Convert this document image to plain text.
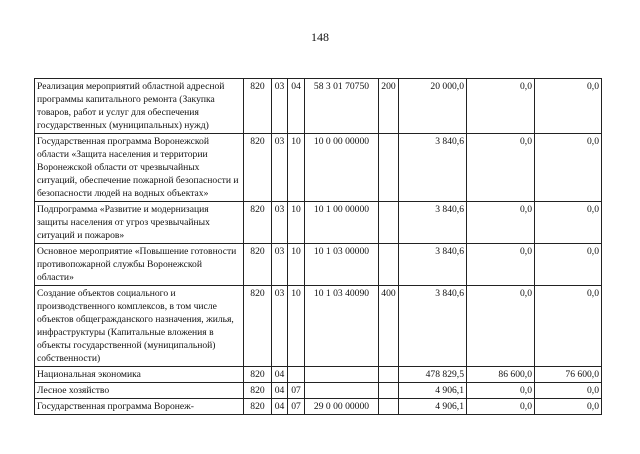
148
Реализация мероприятий областной адресной программы капитального ремонта (Закупка товаров, работ и услуг для обеспечения государственных (муниципальных) нужд)	820	03	04	58 3 01 70750	200	20 000,0	0,0	0,0
Государственная программа Воронежской области «Защита населения и территории Воронежской области от чрезвычайных ситуаций, обеспечение пожарной безопасности и безопасности людей на водных объектах»	820	03	10	10 0 00 00000		3 840,6	0,0	0,0
Подпрограмма «Развитие и модернизация защиты населения от угроз чрезвычайных ситуаций и пожаров»	820	03	10	10 1 00 00000		3 840,6	0,0	0,0
Основное мероприятие «Повышение готовности противопожарной службы Воронежской области»	820	03	10	10 1 03 00000		3 840,6	0,0	0,0
Создание объектов социального и производственного комплексов, в том числе объектов общегражданского назначения, жилья, инфраструктуры (Капитальные вложения в объекты государственной (муниципальной) собственности)	820	03	10	10 1 03 40090	400	3 840,6	0,0	0,0
Национальная экономика	820	04				478 829,5	86 600,0	76 600,0
Лесное хозяйство	820	04	07			4 906,1	0,0	0,0
Государственная программа Воронеж-	820	04	07	29 0 00 00000		4 906,1	0,0	0,0
